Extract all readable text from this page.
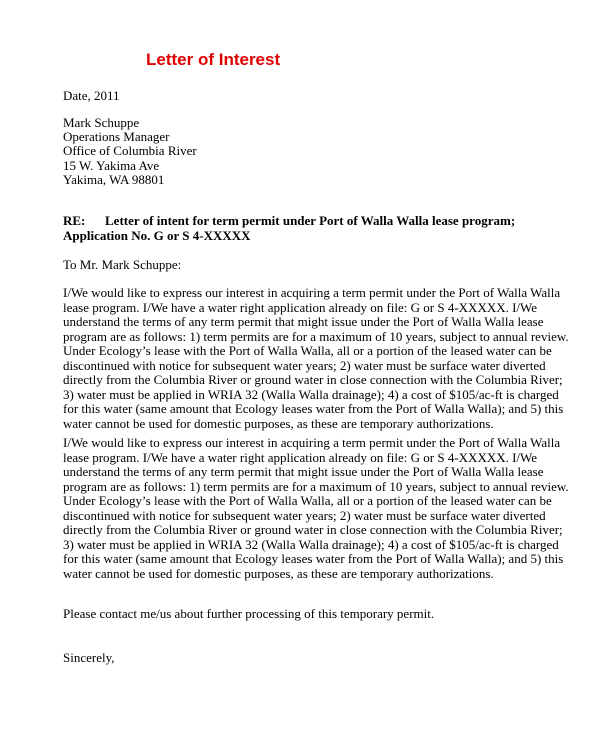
Letter of Interest
Date, 2011
Mark Schuppe
Operations Manager
Office of Columbia River
15 W. Yakima Ave
Yakima, WA 98801
RE: Letter of intent for term permit under Port of Walla Walla lease program;
Application No. G or S 4-XXXXX
To Mr. Mark Schuppe:
I/We would like to express our interest in acquiring a term permit under the Port of Walla Walla
lease program. I/We have a water right application already on file: G or S 4-XXXXX. I/We
understand the terms of any term permit that might issue under the Port of Walla Walla lease
program are as follows: 1) term permits are for a maximum of 10 years, subject to annual review.
Under Ecology’s lease with the Port of Walla Walla, all or a portion of the leased water can be
discontinued with notice for subsequent water years; 2) water must be surface water diverted
directly from the Columbia River or ground water in close connection with the Columbia River;
3) water must be applied in WRIA 32 (Walla Walla drainage); 4) a cost of $105/ac-ft is charged
for this water (same amount that Ecology leases water from the Port of Walla Walla); and 5) this
water cannot be used for domestic purposes, as these are temporary authorizations.
I/We would like to express our interest in acquiring a term permit under the Port of Walla Walla
lease program. I/We have a water right application already on file: G or S 4-XXXXX. I/We
understand the terms of any term permit that might issue under the Port of Walla Walla lease
program are as follows: 1) term permits are for a maximum of 10 years, subject to annual review.
Under Ecology’s lease with the Port of Walla Walla, all or a portion of the leased water can be
discontinued with notice for subsequent water years; 2) water must be surface water diverted
directly from the Columbia River or ground water in close connection with the Columbia River;
3) water must be applied in WRIA 32 (Walla Walla drainage); 4) a cost of $105/ac-ft is charged
for this water (same amount that Ecology leases water from the Port of Walla Walla); and 5) this
water cannot be used for domestic purposes, as these are temporary authorizations.
Please contact me/us about further processing of this temporary permit.
Sincerely,
